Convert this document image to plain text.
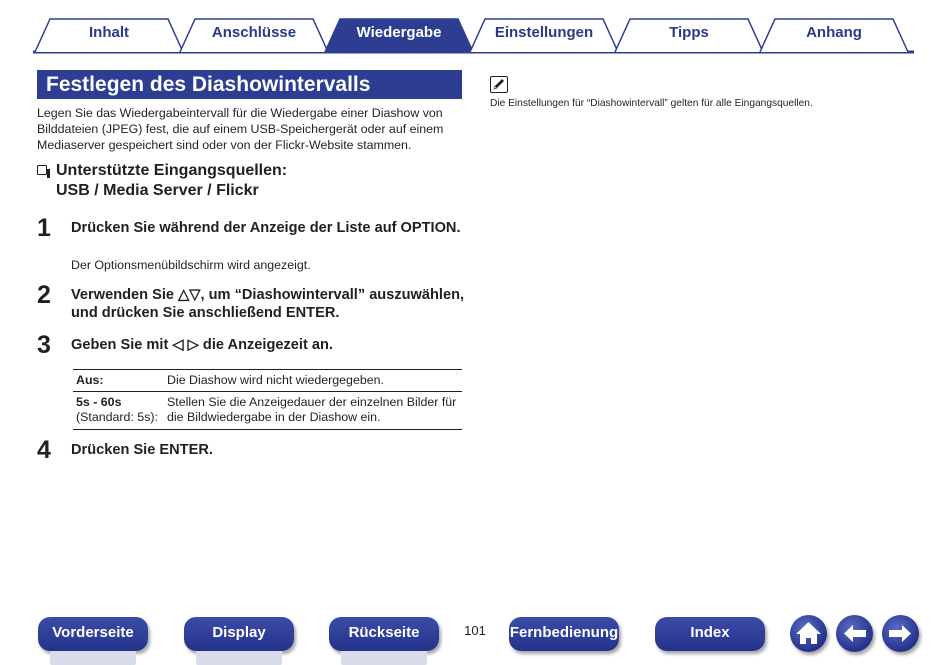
Inhalt	Anschlüsse	Wiedergabe	Einstellungen	Tipps	Anhang
Festlegen des Diashowintervalls
Legen Sie das Wiedergabeintervall für die Wiedergabe einer Diashow von Bilddateien (JPEG) fest, die auf einem USB-Speichergerät oder auf einem Mediaserver gespeichert sind oder von der Flickr-Website stammen.
Unterstützte Eingangsquellen:
USB / Media Server / Flickr
1	Drücken Sie während der Anzeige der Liste auf OPTION.
Der Optionsmenübildschirm wird angezeigt.
2	Verwenden Sie △▽, um “Diashowintervall” auszuwählen, und drücken Sie anschließend ENTER.
3	Geben Sie mit ◁ ▷ die Anzeigezeit an.
Aus:	Die Diashow wird nicht wiedergegeben.
5s - 60s
(Standard: 5s):	Stellen Sie die Anzeigedauer der einzelnen Bilder für die Bildwiedergabe in der Diashow ein.
4	Drücken Sie ENTER.
Die Einstellungen für “Diashowintervall” gelten für alle Eingangsquellen.
Vorderseite	Display	Rückseite	101	Fernbedienung	Index
